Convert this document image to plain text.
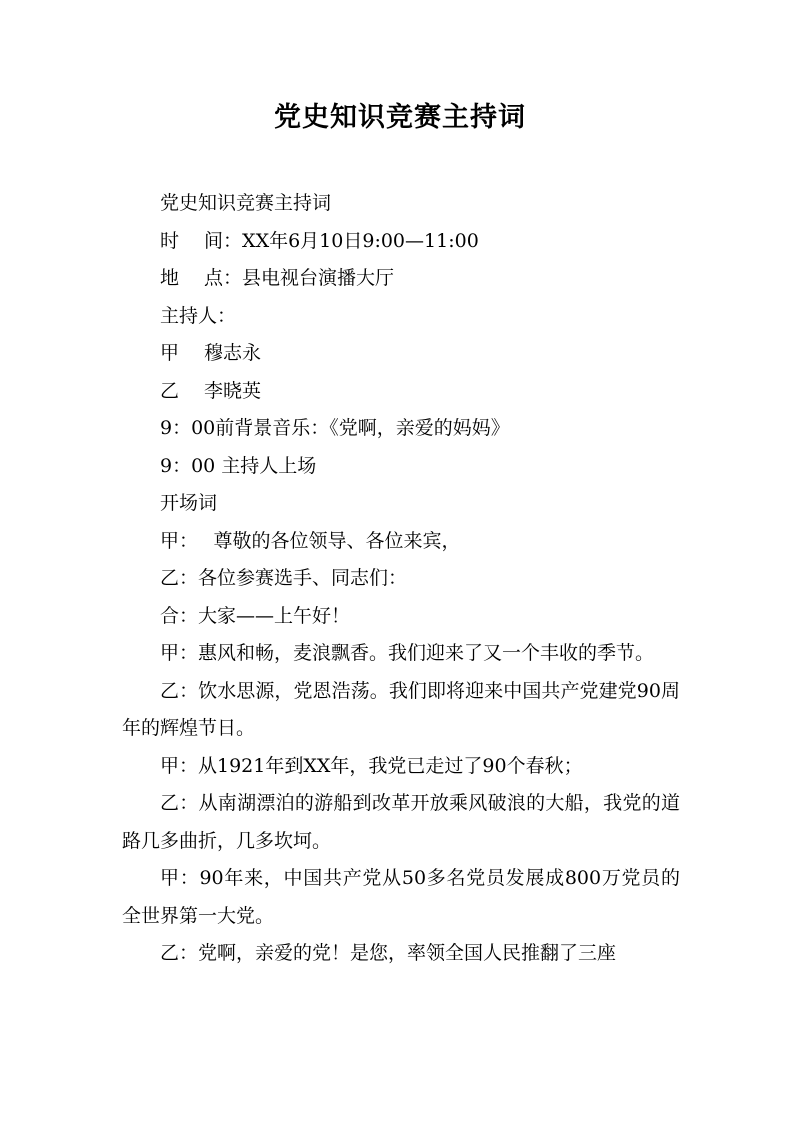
党史知识竞赛主持词

党史知识竞赛主持词

时　 间：XX年6月10日9:00—11:00

地　 点：县电视台演播大厅

主持人：

甲　 穆志永

乙　 李晓英

9：00前背景音乐：《党啊，亲爱的妈妈》

9：00 主持人上场

开场词

甲：　 尊敬的各位领导、各位来宾，

乙：各位参赛选手、同志们：

合：大家——上午好！

甲：惠风和畅，麦浪飘香。我们迎来了又一个丰收的季节。

乙：饮水思源，党恩浩荡。我们即将迎来中国共产党建党90周年的辉煌节日。

甲：从1921年到XX年，我党已走过了90个春秋；

乙：从南湖漂泊的游船到改革开放乘风破浪的大船，我党的道路几多曲折，几多坎坷。

甲：90年来，中国共产党从50多名党员发展成800万党员的全世界第一大党。

乙：党啊，亲爱的党！是您，率领全国人民推翻了三座
